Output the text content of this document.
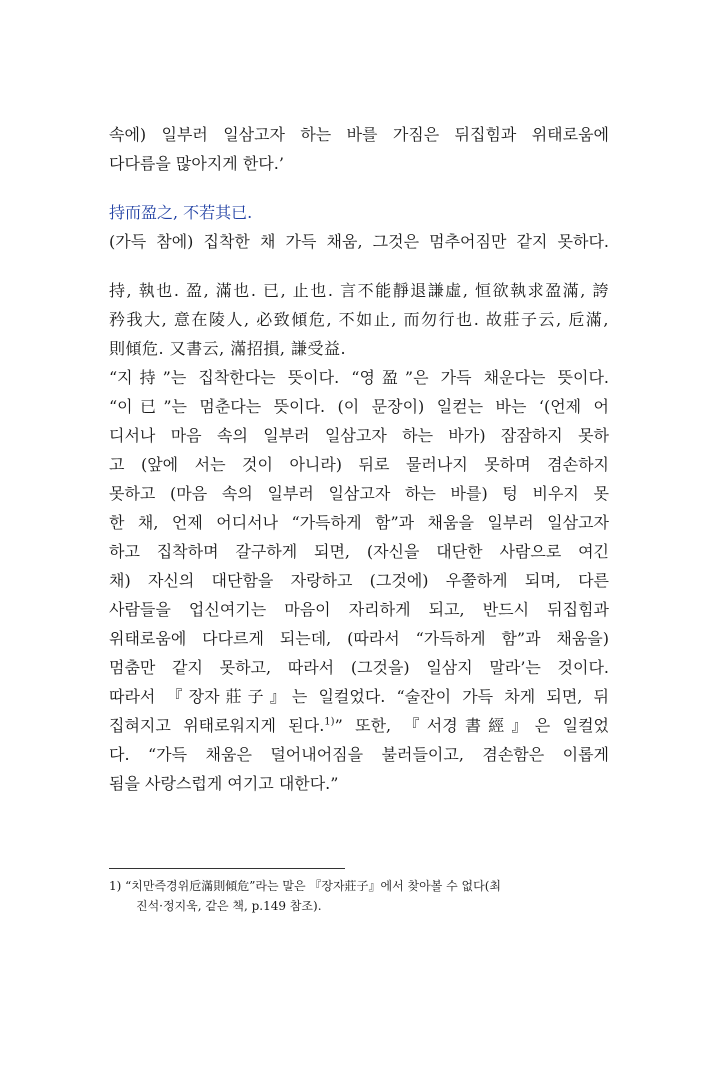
속에) 일부러 일삼고자 하는 바를 가짐은 뒤집힘과 위태로움에
다다름을 많아지게 한다.’
持而盈之, 不若其已.
(가득 참에) 집착한 채 가득 채움, 그것은 멈추어짐만 같지 못하다.
持, 執也. 盈, 滿也. 已, 止也. 言不能靜退謙虛, 恒欲執求盈滿, 誇
矜我大, 意在陵人, 必致傾危, 不如止, 而勿行也. 故莊子云, 卮滿,
則傾危. 又書云, 滿招損, 謙受益.
“지持”는 집착한다는 뜻이다. “영盈”은 가득 채운다는 뜻이다.
“이已”는 멈춘다는 뜻이다. (이 문장이) 일컫는 바는 ‘(언제 어
디서나 마음 속의 일부러 일삼고자 하는 바가) 잠잠하지 못하
고 (앞에 서는 것이 아니라) 뒤로 물러나지 못하며 겸손하지
못하고 (마음 속의 일부러 일삼고자 하는 바를) 텅 비우지 못
한 채, 언제 어디서나 “가득하게 함”과 채움을 일부러 일삼고자
하고 집착하며 갈구하게 되면, (자신을 대단한 사람으로 여긴
채) 자신의 대단함을 자랑하고 (그것에) 우쭐하게 되며, 다른
사람들을 업신여기는 마음이 자리하게 되고, 반드시 뒤집힘과
위태로움에 다다르게 되는데, (따라서 “가득하게 함”과 채움을)
멈춤만 같지 못하고, 따라서 (그것을) 일삼지 말라’는 것이다.
따라서 『장자莊子』는 일컬었다. “술잔이 가득 차게 되면, 뒤
집혀지고 위태로워지게 된다.$^{1)}$” 또한, 『서경書經』은 일컬었
다. “가득 채움은 덜어내어짐을 불러들이고, 겸손함은 이롭게
됨을 사랑스럽게 여기고 대한다.”
1) “치만즉경위卮滿則傾危”라는 말은 『장자莊子』에서 찾아볼 수 없다(최
진석·정지욱, 같은 책, p.149 참조).
